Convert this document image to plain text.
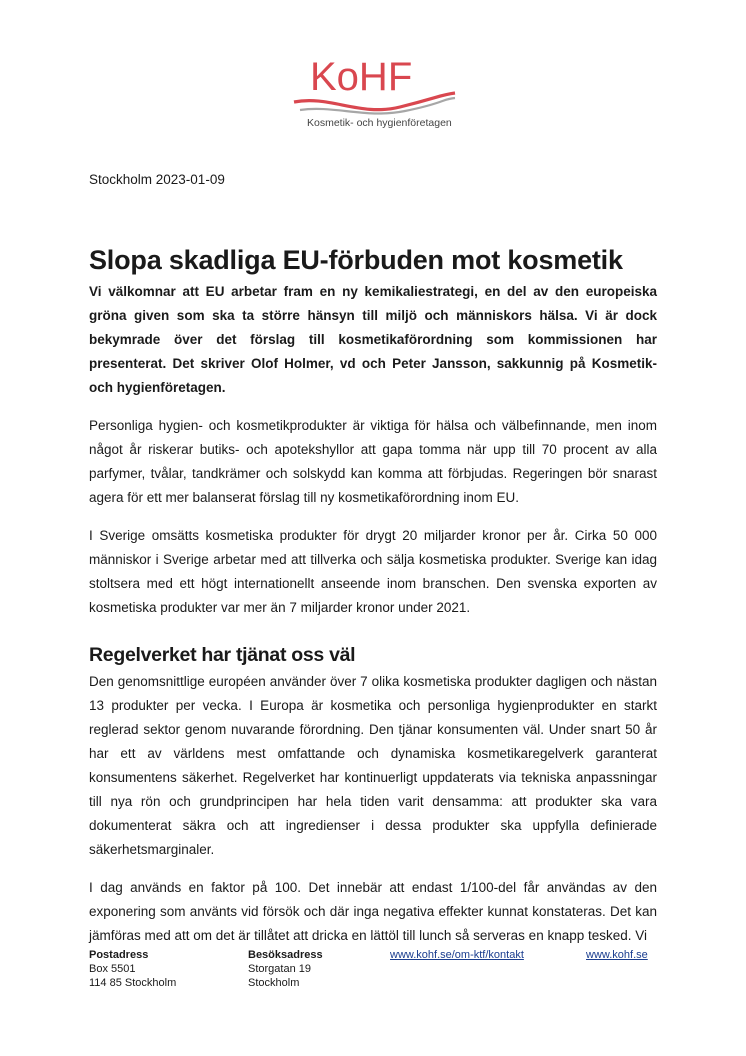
KoHF
Kosmetik- och hygienföretagen

Stockholm 2023-01-09

Slopa skadliga EU-förbuden mot kosmetik

Vi välkomnar att EU arbetar fram en ny kemikaliestrategi, en del av den europeiska gröna given som ska ta större hänsyn till miljö och människors hälsa. Vi är dock bekymrade över det förslag till kosmetikaförordning som kommissionen har presenterat. Det skriver Olof Holmer, vd och Peter Jansson, sakkunnig på Kosmetik- och hygienföretagen.

Personliga hygien- och kosmetikprodukter är viktiga för hälsa och välbefinnande, men inom något år riskerar butiks- och apotekshyllor att gapa tomma när upp till 70 procent av alla parfymer, tvålar, tandkrämer och solskydd kan komma att förbjudas. Regeringen bör snarast agera för ett mer balanserat förslag till ny kosmetikaförordning inom EU.

I Sverige omsätts kosmetiska produkter för drygt 20 miljarder kronor per år. Cirka 50 000 människor i Sverige arbetar med att tillverka och sälja kosmetiska produkter. Sverige kan idag stoltsera med ett högt internationellt anseende inom branschen. Den svenska exporten av kosmetiska produkter var mer än 7 miljarder kronor under 2021.

Regelverket har tjänat oss väl

Den genomsnittlige européen använder över 7 olika kosmetiska produkter dagligen och nästan 13 produkter per vecka. I Europa är kosmetika och personliga hygienprodukter en starkt reglerad sektor genom nuvarande förordning. Den tjänar konsumenten väl. Under snart 50 år har ett av världens mest omfattande och dynamiska kosmetikaregelverk garanterat konsumentens säkerhet. Regelverket har kontinuerligt uppdaterats via tekniska anpassningar till nya rön och grundprincipen har hela tiden varit densamma: att produkter ska vara dokumenterat säkra och att ingredienser i dessa produkter ska uppfylla definierade säkerhetsmarginaler.

I dag används en faktor på 100. Det innebär att endast 1/100-del får användas av den exponering som använts vid försök och där inga negativa effekter kunnat konstateras. Det kan jämföras med att om det är tillåtet att dricka en lättöl till lunch så serveras en knapp tesked. Vi

Postadress
Box 5501
114 85 Stockholm
Besöksadress
Storgatan 19
Stockholm
www.kohf.se/om-ktf/kontakt	www.kohf.se
